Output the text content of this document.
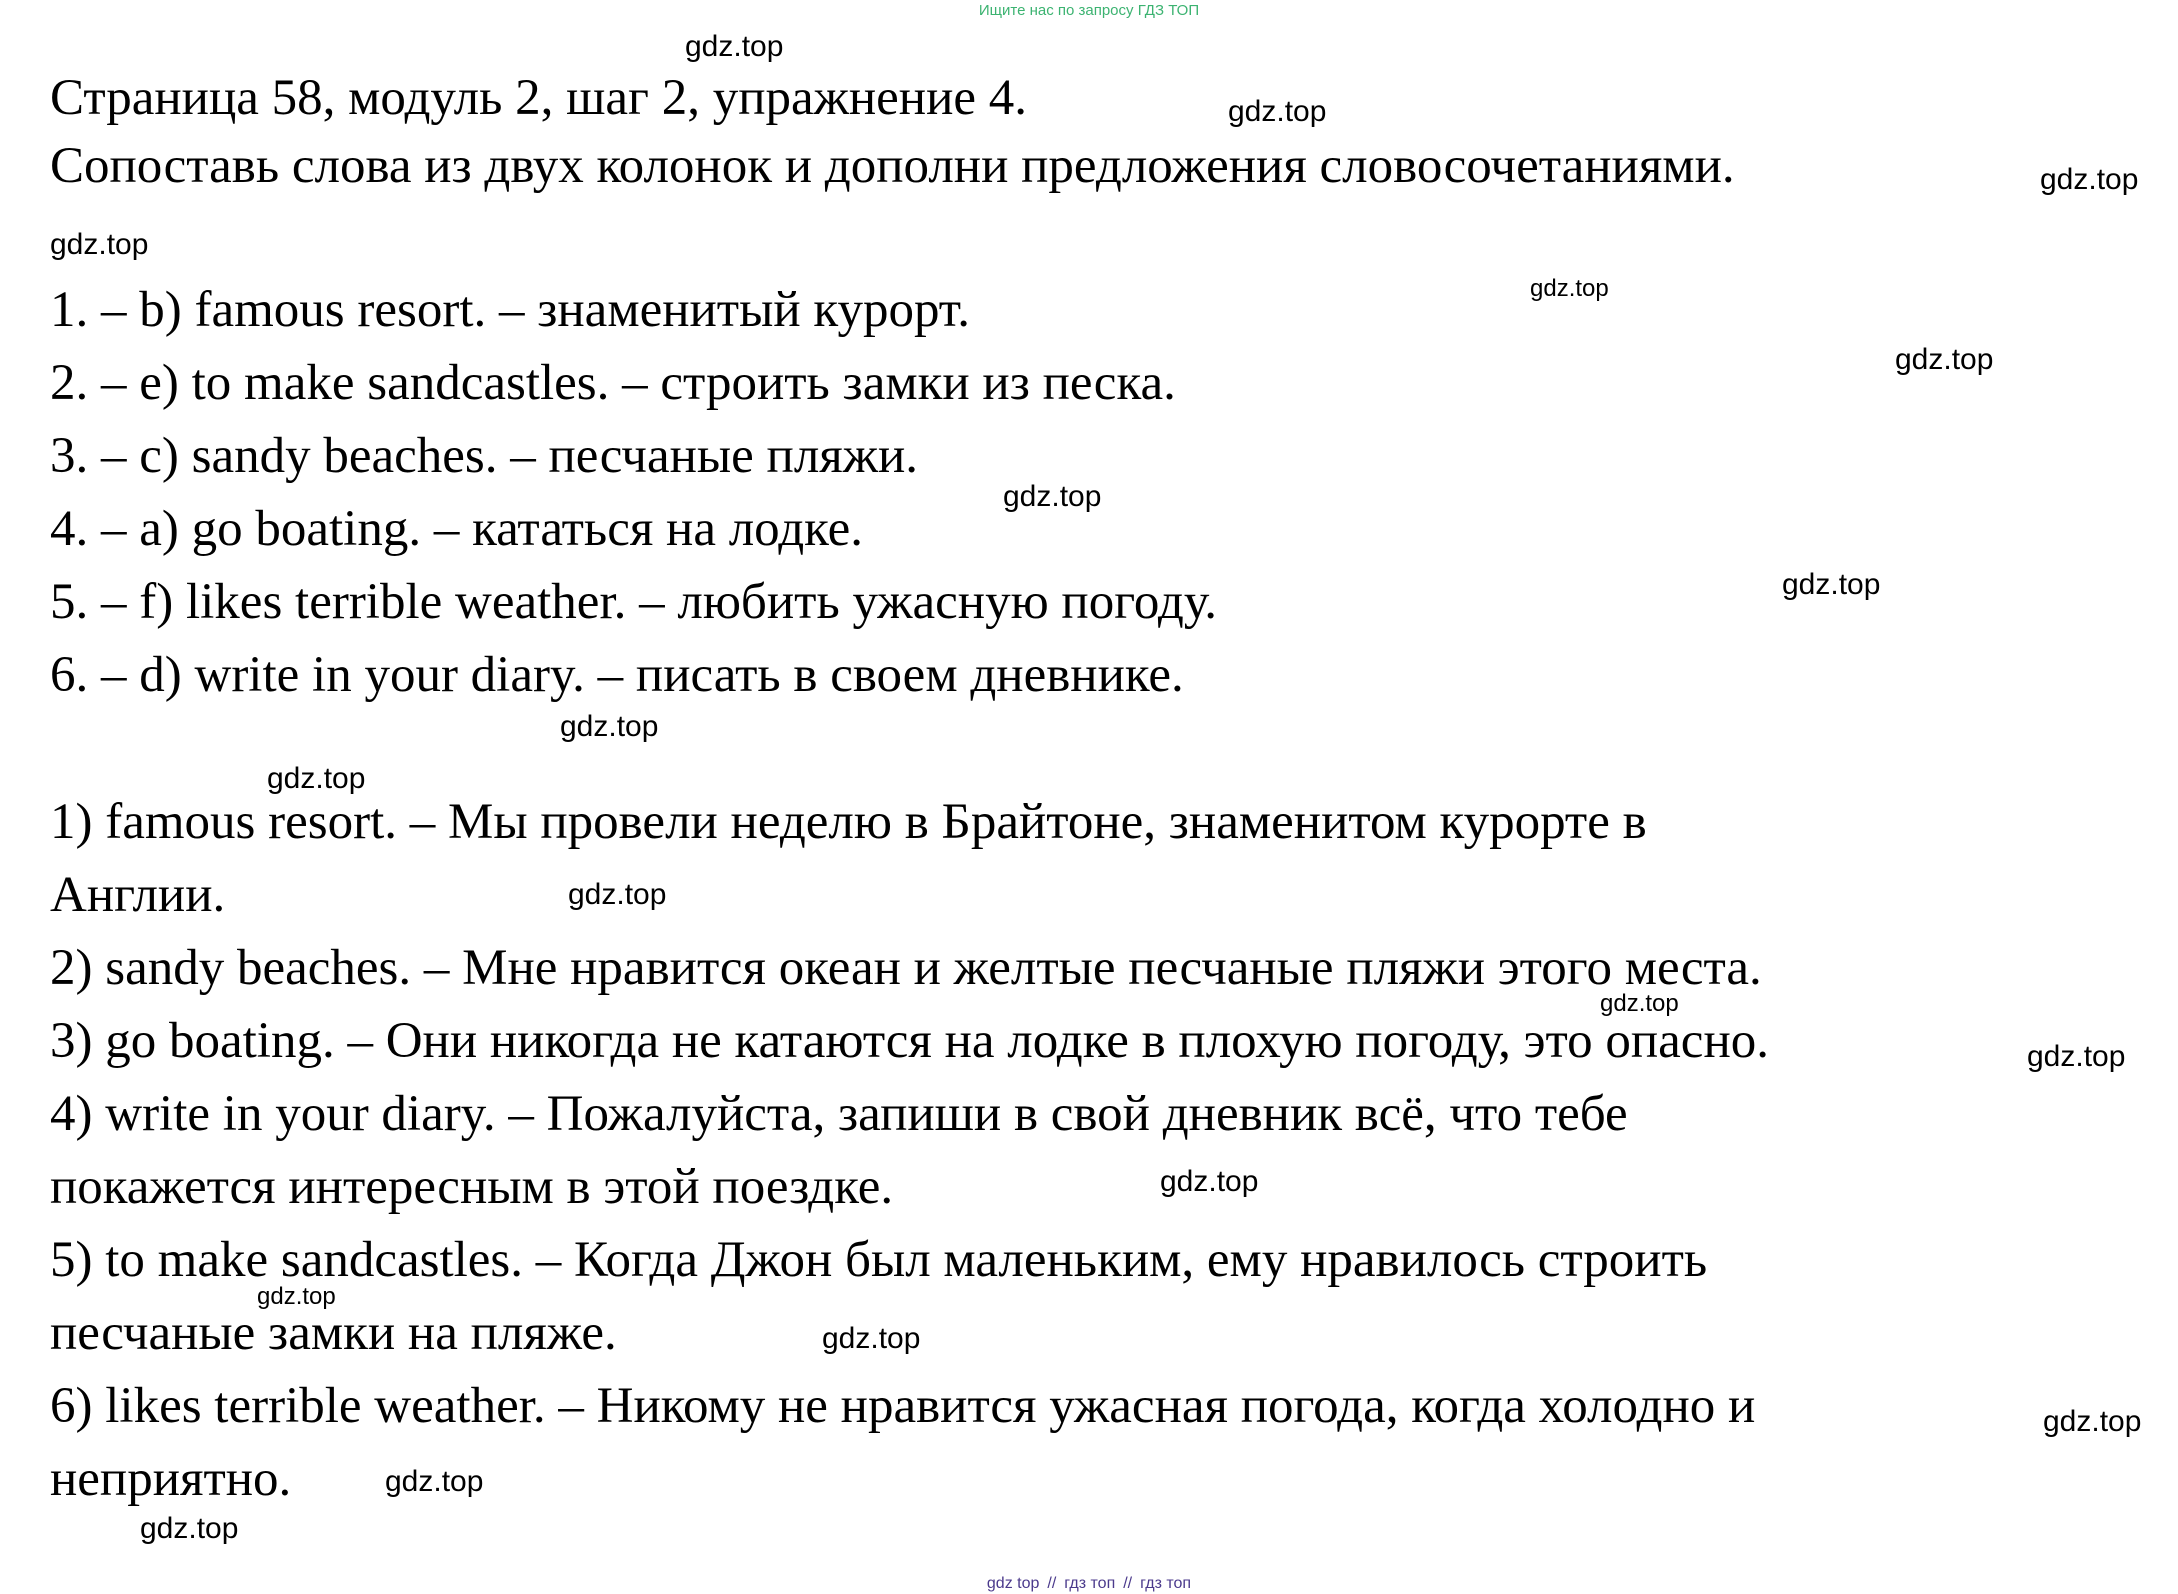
Ищите нас по запросу ГДЗ ТОП
Страница 58, модуль 2, шаг 2, упражнение 4.
Сопоставь слова из двух колонок и дополни предложения словосочетаниями.
1. – b) famous resort. – знаменитый курорт.
2. – e) to make sandcastles. – строить замки из песка.
3. – c) sandy beaches. – песчаные пляжи.
4. – a) go boating. – кататься на лодке.
5. – f) likes terrible weather. – любить ужасную погоду.
6. – d) write in your diary. – писать в своем дневнике.
1) famous resort. – Мы провели неделю в Брайтоне, знаменитом курорте в
Англии.
2) sandy beaches. – Мне нравится океан и желтые песчаные пляжи этого места.
3) go boating. – Они никогда не катаются на лодке в плохую погоду, это опасно.
4) write in your diary. – Пожалуйста, запиши в свой дневник всё, что тебе
покажется интересным в этой поездке.
5) to make sandcastles. – Когда Джон был маленьким, ему нравилось строить
песчаные замки на пляже.
6) likes terrible weather. – Никому не нравится ужасная погода, когда холодно и
неприятно.
gdz.top
gdz.top
gdz.top
gdz.top
gdz.top
gdz.top
gdz.top
gdz.top
gdz.top
gdz.top
gdz.top
gdz.top
gdz.top
gdz.top
gdz.top
gdz.top
gdz.top
gdz.top
gdz.top
gdz top // гдз топ // гдз топ
